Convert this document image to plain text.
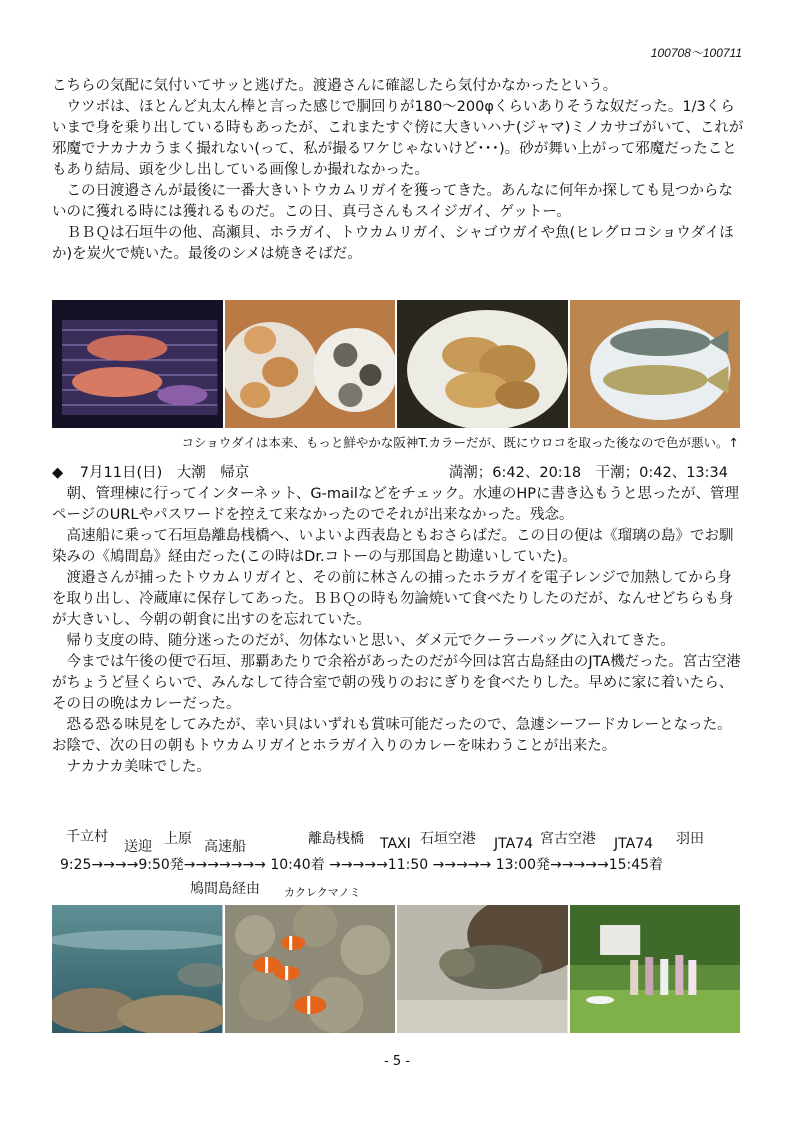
100708～100711

こちらの気配に気付いてサッと逃げた。渡邉さんに確認したら気付かなかったという。

ウツボは、ほとんど丸太ん棒と言った感じで胴回りが180～200φくらいありそうな奴だった。1/3くらいまで身を乗り出している時もあったが、これまたすぐ傍に大きいハナ(ジャマ)ミノカサゴがいて、これが邪魔でナカナカうまく撮れない(って、私が撮るワケじゃないけど･･･)。砂が舞い上がって邪魔だったこともあり結局、頭を少し出している画像しか撮れなかった。

この日渡邉さんが最後に一番大きいトウカムリガイを獲ってきた。あんなに何年か探しても見つからないのに獲れる時には獲れるものだ。この日、真弓さんもスイジガイ、ゲットー。

ＢＢＱは石垣牛の他、高瀬貝、ホラガイ、トウカムリガイ、シャゴウガイや魚(ヒレグロコショウダイほか)を炭火で焼いた。最後のシメは焼きそばだ。

コショウダイは本来、もっと鮮やかな阪神T.カラーだが、既にウロコを取った後なので色が悪い。↑
◆ 7月11日(日)　大潮　帰京	満潮；6:42、20:18　干潮；0:42、13:34

朝、管理棟に行ってインターネット、G-mailなどをチェック。水連のHPに書き込もうと思ったが、管理ページのURLやパスワードを控えて来なかったのでそれが出来なかった。残念。

高速船に乗って石垣島離島桟橋へ、いよいよ西表島ともおさらばだ。この日の便は《瑠璃の島》でお馴染みの《鳩間島》経由だった(この時はDr.コトーの与那国島と勘違いしていた)。

渡邉さんが捕ったトウカムリガイと、その前に林さんの捕ったホラガイを電子レンジで加熱してから身を取り出し、冷蔵庫に保存してあった。ＢＢＱの時も勿論焼いて食べたりしたのだが、なんせどちらも身が大きいし、今朝の朝食に出すのを忘れていた。

帰り支度の時、随分迷ったのだが、勿体ないと思い、ダメ元でクーラーバッグに入れてきた。

今までは午後の便で石垣、那覇あたりで余裕があったのだが今回は宮古島経由のJTA機だった。宮古空港がちょうど昼くらいで、みんなして待合室で朝の残りのおにぎりを食べたりした。早めに家に着いたら、その日の晩はカレーだった。

恐る恐る味見をしてみたが、幸い貝はいずれも賞味可能だったので、急遽シーフードカレーとなった。お陰で、次の日の朝もトウカムリガイとホラガイ入りのカレーを味わうことが出来た。

ナカナカ美味でした。

千立村
送迎 上原 高速船	離島桟橋 TAXI 石垣空港 JTA74 宮古空港 JTA74 羽田
9:25→→→→9:50発→→→→→→→ 10:40着 →→→→→11:50 →→→→→ 13:00発→→→→→15:45着
鳩間島経由 カクレクマノミ
- 5 -
